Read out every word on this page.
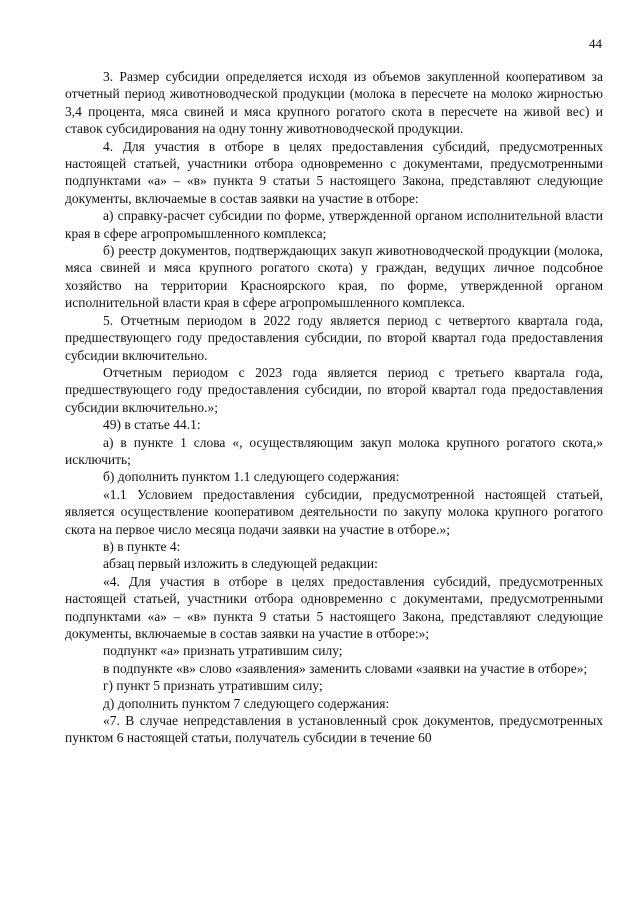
44

3. Размер субсидии определяется исходя из объемов закупленной кооперативом за отчетный период животноводческой продукции (молока в пересчете на молоко жирностью 3,4 процента, мяса свиней и мяса крупного рогатого скота в пересчете на живой вес) и ставок субсидирования на одну тонну животноводческой продукции.

4. Для участия в отборе в целях предоставления субсидий, предусмотренных настоящей статьей, участники отбора одновременно с документами, предусмотренными подпунктами «а» – «в» пункта 9 статьи 5 настоящего Закона, представляют следующие документы, включаемые в состав заявки на участие в отборе:

а) справку-расчет субсидии по форме, утвержденной органом исполнительной власти края в сфере агропромышленного комплекса;

б) реестр документов, подтверждающих закуп животноводческой продукции (молока, мяса свиней и мяса крупного рогатого скота) у граждан, ведущих личное подсобное хозяйство на территории Красноярского края, по форме, утвержденной органом исполнительной власти края в сфере агропромышленного комплекса.

5. Отчетным периодом в 2022 году является период с четвертого квартала года, предшествующего году предоставления субсидии, по второй квартал года предоставления субсидии включительно.

Отчетным периодом с 2023 года является период с третьего квартала года, предшествующего году предоставления субсидии, по второй квартал года предоставления субсидии включительно.»;

49) в статье 44.1:

а) в пункте 1 слова «, осуществляющим закуп молока крупного рогатого скота,» исключить;

б) дополнить пунктом 1.1 следующего содержания:

«1.1 Условием предоставления субсидии, предусмотренной настоящей статьей, является осуществление кооперативом деятельности по закупу молока крупного рогатого скота на первое число месяца подачи заявки на участие в отборе.»;

в) в пункте 4:

абзац первый изложить в следующей редакции:

«4. Для участия в отборе в целях предоставления субсидий, предусмотренных настоящей статьей, участники отбора одновременно с документами, предусмотренными подпунктами «а» – «в» пункта 9 статьи 5 настоящего Закона, представляют следующие документы, включаемые в состав заявки на участие в отборе:»;

подпункт «а» признать утратившим силу;

в подпункте «в» слово «заявления» заменить словами «заявки на участие в отборе»;

г) пункт 5 признать утратившим силу;

д) дополнить пунктом 7 следующего содержания:

«7. В случае непредставления в установленный срок документов, предусмотренных пунктом 6 настоящей статьи, получатель субсидии в течение 60
